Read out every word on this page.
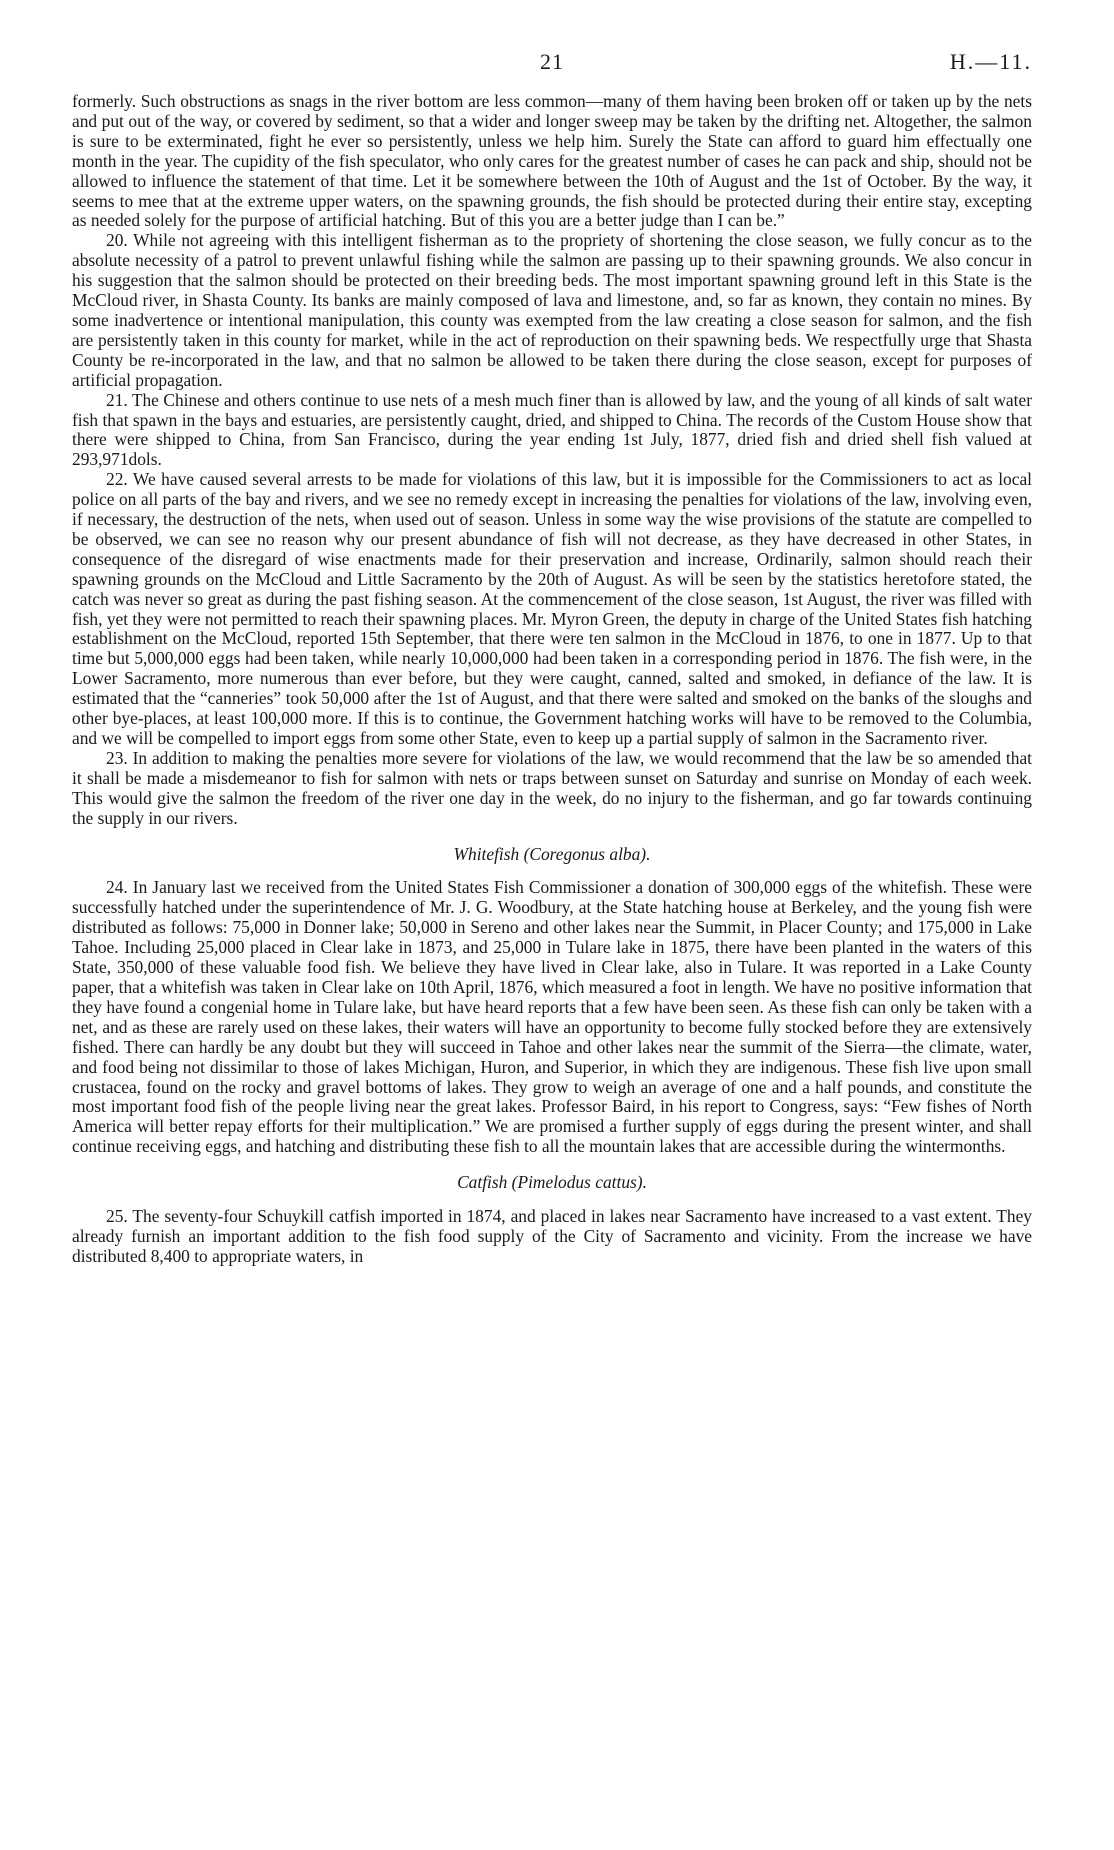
21	H.—11.

formerly. Such obstructions as snags in the river bottom are less common—many of them having been broken off or taken up by the nets and put out of the way, or covered by sediment, so that a wider and longer sweep may be taken by the drifting net. Altogether, the salmon is sure to be exterminated, fight he ever so persistently, unless we help him. Surely the State can afford to guard him effectually one month in the year. The cupidity of the fish speculator, who only cares for the greatest number of cases he can pack and ship, should not be allowed to influence the statement of that time. Let it be somewhere between the 10th of August and the 1st of October. By the way, it seems to mee that at the extreme upper waters, on the spawning grounds, the fish should be protected during their entire stay, excepting as needed solely for the purpose of artificial hatching. But of this you are a better judge than I can be.”

20. While not agreeing with this intelligent fisherman as to the propriety of shortening the close season, we fully concur as to the absolute necessity of a patrol to prevent unlawful fishing while the salmon are passing up to their spawning grounds. We also concur in his suggestion that the salmon should be protected on their breeding beds. The most important spawning ground left in this State is the McCloud river, in Shasta County. Its banks are mainly composed of lava and limestone, and, so far as known, they contain no mines. By some inadvertence or intentional manipulation, this county was exempted from the law creating a close season for salmon, and the fish are persistently taken in this county for market, while in the act of reproduction on their spawning beds. We respectfully urge that Shasta County be re-incorporated in the law, and that no salmon be allowed to be taken there during the close season, except for purposes of artificial propagation.

21. The Chinese and others continue to use nets of a mesh much finer than is allowed by law, and the young of all kinds of salt water fish that spawn in the bays and estuaries, are persistently caught, dried, and shipped to China. The records of the Custom House show that there were shipped to China, from San Francisco, during the year ending 1st July, 1877, dried fish and dried shell fish valued at 293,971dols.

22. We have caused several arrests to be made for violations of this law, but it is impossible for the Commissioners to act as local police on all parts of the bay and rivers, and we see no remedy except in increasing the penalties for violations of the law, involving even, if necessary, the destruction of the nets, when used out of season. Unless in some way the wise provisions of the statute are compelled to be observed, we can see no reason why our present abundance of fish will not decrease, as they have decreased in other States, in consequence of the disregard of wise enactments made for their preservation and increase, Ordinarily, salmon should reach their spawning grounds on the McCloud and Little Sacramento by the 20th of August. As will be seen by the statistics heretofore stated, the catch was never so great as during the past fishing season. At the commencement of the close season, 1st August, the river was filled with fish, yet they were not permitted to reach their spawning places. Mr. Myron Green, the deputy in charge of the United States fish hatching establishment on the McCloud, reported 15th September, that there were ten salmon in the McCloud in 1876, to one in 1877. Up to that time but 5,000,000 eggs had been taken, while nearly 10,000,000 had been taken in a corresponding period in 1876. The fish were, in the Lower Sacramento, more numerous than ever before, but they were caught, canned, salted and smoked, in defiance of the law. It is estimated that the “canneries” took 50,000 after the 1st of August, and that there were salted and smoked on the banks of the sloughs and other bye-places, at least 100,000 more. If this is to continue, the Government hatching works will have to be removed to the Columbia, and we will be compelled to import eggs from some other State, even to keep up a partial supply of salmon in the Sacramento river.

23. In addition to making the penalties more severe for violations of the law, we would recommend that the law be so amended that it shall be made a misdemeanor to fish for salmon with nets or traps between sunset on Saturday and sunrise on Monday of each week. This would give the salmon the freedom of the river one day in the week, do no injury to the fisherman, and go far towards continuing the supply in our rivers.

Whitefish (Coregonus alba).

24. In January last we received from the United States Fish Commissioner a donation of 300,000 eggs of the whitefish. These were successfully hatched under the superintendence of Mr. J. G. Woodbury, at the State hatching house at Berkeley, and the young fish were distributed as follows: 75,000 in Donner lake; 50,000 in Sereno and other lakes near the Summit, in Placer County; and 175,000 in Lake Tahoe. Including 25,000 placed in Clear lake in 1873, and 25,000 in Tulare lake in 1875, there have been planted in the waters of this State, 350,000 of these valuable food fish. We believe they have lived in Clear lake, also in Tulare. It was reported in a Lake County paper, that a whitefish was taken in Clear lake on 10th April, 1876, which measured a foot in length. We have no positive information that they have found a congenial home in Tulare lake, but have heard reports that a few have been seen. As these fish can only be taken with a net, and as these are rarely used on these lakes, their waters will have an opportunity to become fully stocked before they are extensively fished. There can hardly be any doubt but they will succeed in Tahoe and other lakes near the summit of the Sierra—the climate, water, and food being not dissimilar to those of lakes Michigan, Huron, and Superior, in which they are indigenous. These fish live upon small crustacea, found on the rocky and gravel bottoms of lakes. They grow to weigh an average of one and a half pounds, and constitute the most important food fish of the people living near the great lakes. Professor Baird, in his report to Congress, says: “Few fishes of North America will better repay efforts for their multiplication.” We are promised a further supply of eggs during the present winter, and shall continue receiving eggs, and hatching and distributing these fish to all the mountain lakes that are accessible during the wintermonths.

Catfish (Pimelodus cattus).

25. The seventy-four Schuykill catfish imported in 1874, and placed in lakes near Sacramento have increased to a vast extent. They already furnish an important addition to the fish food supply of the City of Sacramento and vicinity. From the increase we have distributed 8,400 to appropriate waters, in
